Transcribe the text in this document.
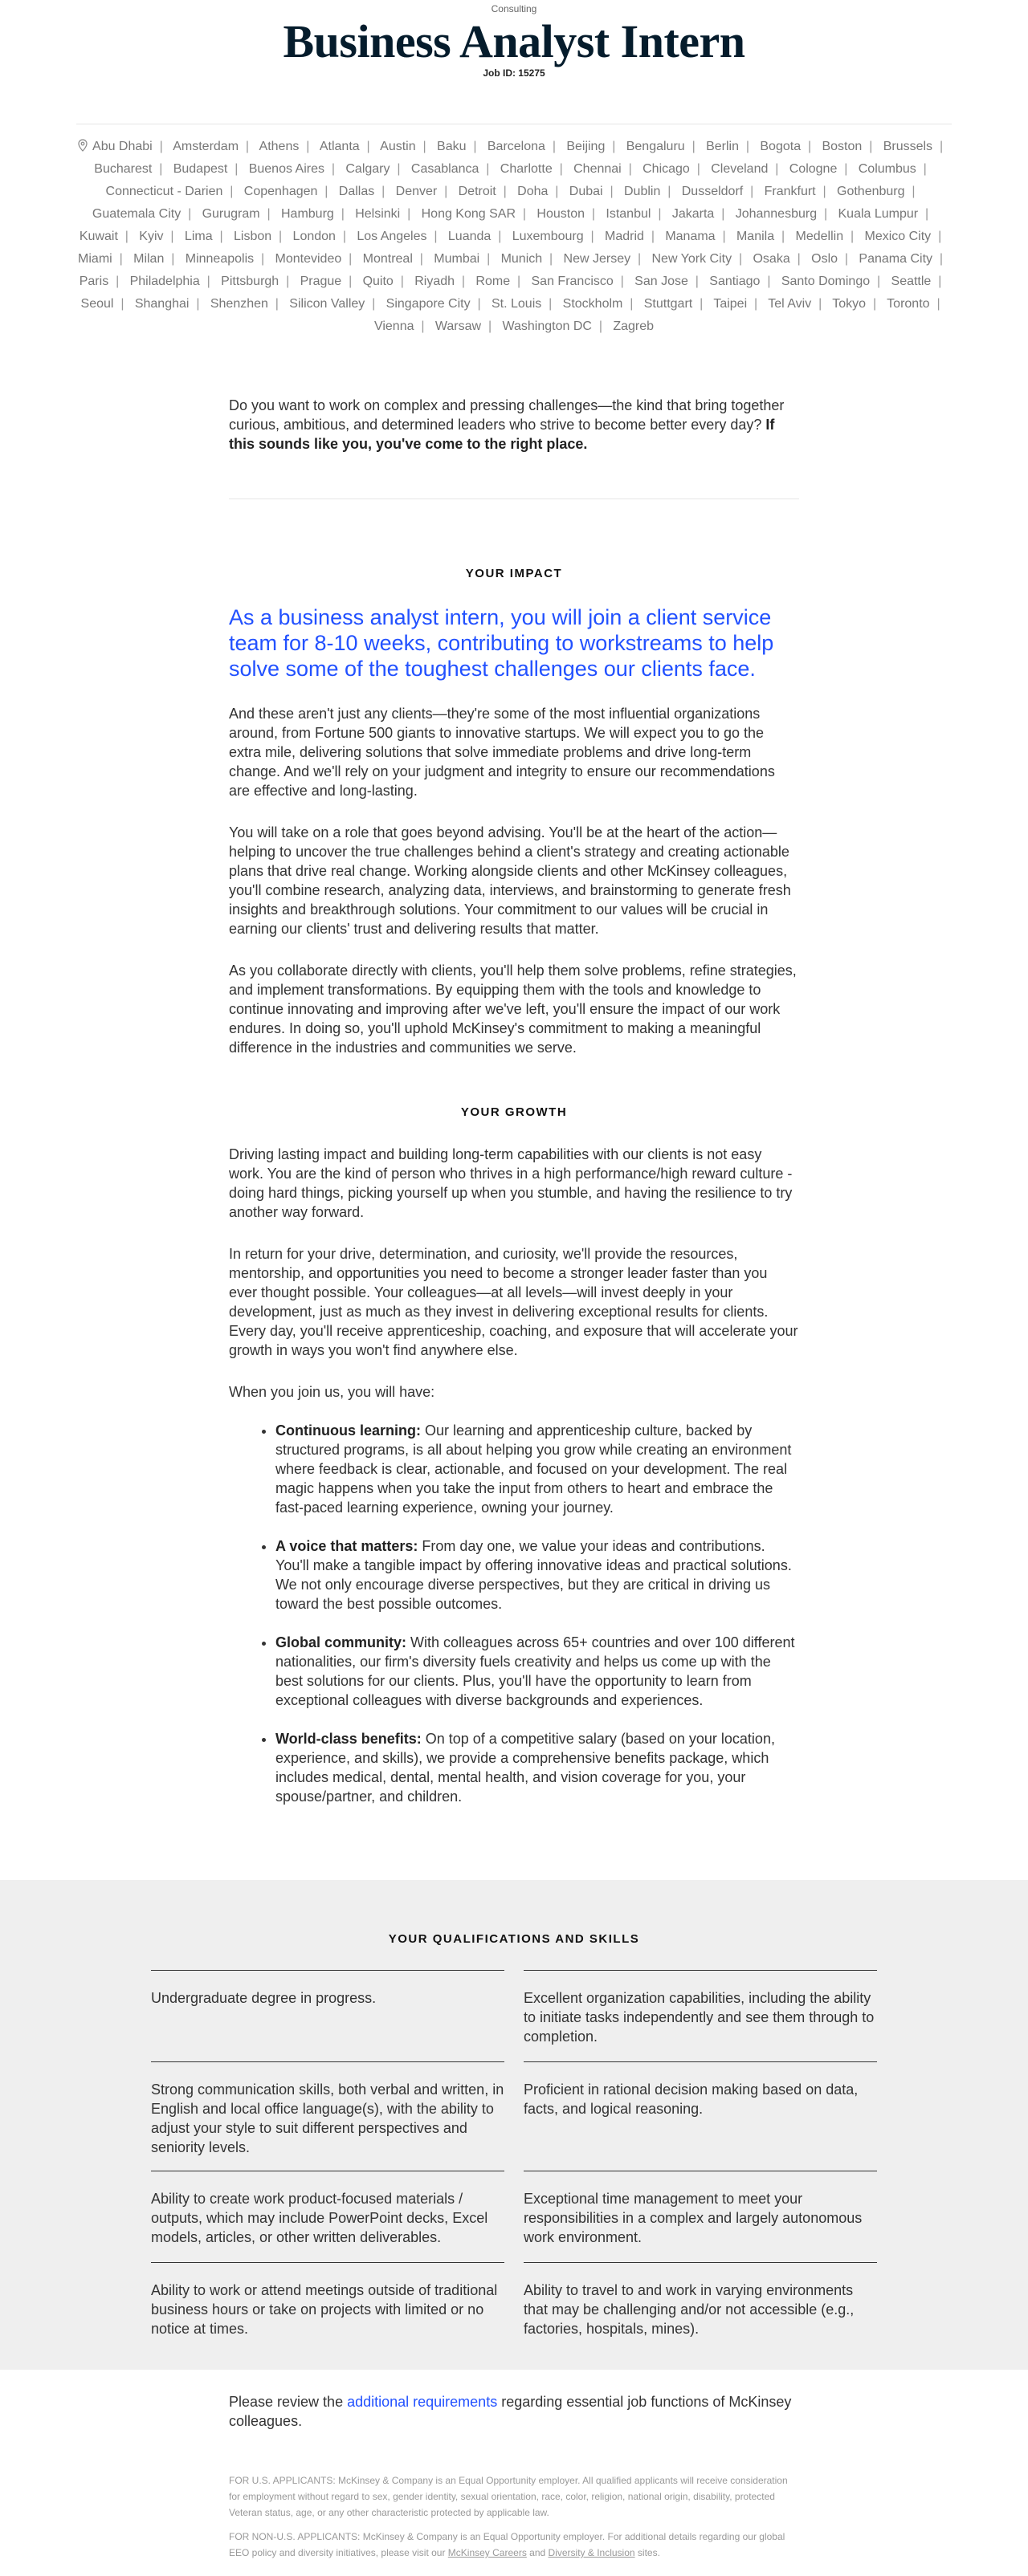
Consulting
Business Analyst Intern
Job ID: 15275
Abu Dhabi | Amsterdam | Athens | Atlanta | Austin | Baku | Barcelona | Beijing | Bengaluru | Berlin | Bogota | Boston | Brussels |  Bucharest | Budapest | Buenos Aires | Calgary | Casablanca | Charlotte | Chennai | Chicago | Cleveland | Cologne | Columbus |  Connecticut - Darien | Copenhagen | Dallas | Denver | Detroit | Doha | Dubai | Dublin | Dusseldorf | Frankfurt | Gothenburg |  Guatemala City | Gurugram | Hamburg | Helsinki | Hong Kong SAR | Houston | Istanbul | Jakarta | Johannesburg | Kuala Lumpur |  Kuwait | Kyiv | Lima | Lisbon | London | Los Angeles | Luanda | Luxembourg | Madrid | Manama | Manila | Medellin | Mexico City |  Miami | Milan | Minneapolis | Montevideo | Montreal | Mumbai | Munich | New Jersey | New York City | Osaka | Oslo | Panama City |  Paris | Philadelphia | Pittsburgh | Prague | Quito | Riyadh | Rome | San Francisco | San Jose | Santiago | Santo Domingo | Seattle |  Seoul | Shanghai | Shenzhen | Silicon Valley | Singapore City | St. Louis | Stockholm | Stuttgart | Taipei | Tel Aviv | Tokyo | Toronto |  Vienna | Warsaw | Washington DC | Zagreb

Do you want to work on complex and pressing challenges—the kind that bring together curious, ambitious, and determined leaders who strive to become better every day? If this sounds like you, you've come to the right place.

YOUR IMPACT

As a business analyst intern, you will join a client service team for 8-10 weeks, contributing to workstreams to help solve some of the toughest challenges our clients face.

And these aren't just any clients—they're some of the most influential organizations around, from Fortune 500 giants to innovative startups. We will expect you to go the extra mile, delivering solutions that solve immediate problems and drive long-term change. And we'll rely on your judgment and integrity to ensure our recommendations are effective and long-lasting.

You will take on a role that goes beyond advising. You'll be at the heart of the action—helping to uncover the true challenges behind a client's strategy and creating actionable plans that drive real change. Working alongside clients and other McKinsey colleagues, you'll combine research, analyzing data, interviews, and brainstorming to generate fresh insights and breakthrough solutions. Your commitment to our values will be crucial in earning our clients' trust and delivering results that matter.

As you collaborate directly with clients, you'll help them solve problems, refine strategies, and implement transformations. By equipping them with the tools and knowledge to continue innovating and improving after we've left, you'll ensure the impact of our work endures. In doing so, you'll uphold McKinsey's commitment to making a meaningful difference in the industries and communities we serve.

YOUR GROWTH

Driving lasting impact and building long-term capabilities with our clients is not easy work. You are the kind of person who thrives in a high performance/high reward culture - doing hard things, picking yourself up when you stumble, and having the resilience to try another way forward.

In return for your drive, determination, and curiosity, we'll provide the resources, mentorship, and opportunities you need to become a stronger leader faster than you ever thought possible. Your colleagues—at all levels—will invest deeply in your development, just as much as they invest in delivering exceptional results for clients. Every day, you'll receive apprenticeship, coaching, and exposure that will accelerate your growth in ways you won't find anywhere else.

When you join us, you will have:

• Continuous learning: Our learning and apprenticeship culture, backed by structured programs, is all about helping you grow while creating an environment where feedback is clear, actionable, and focused on your development. The real magic happens when you take the input from others to heart and embrace the fast-paced learning experience, owning your journey.
• A voice that matters: From day one, we value your ideas and contributions. You'll make a tangible impact by offering innovative ideas and practical solutions. We not only encourage diverse perspectives, but they are critical in driving us toward the best possible outcomes.
• Global community: With colleagues across 65+ countries and over 100 different nationalities, our firm's diversity fuels creativity and helps us come up with the best solutions for our clients. Plus, you'll have the opportunity to learn from exceptional colleagues with diverse backgrounds and experiences.
• World-class benefits: On top of a competitive salary (based on your location, experience, and skills), we provide a comprehensive benefits package, which includes medical, dental, mental health, and vision coverage for you, your spouse/partner, and children.
YOUR QUALIFICATIONS AND SKILLS
Undergraduate degree in progress.	Excellent organization capabilities, including the ability to initiate tasks independently and see them through to completion.
Strong communication skills, both verbal and written, in English and local office language(s), with the ability to adjust your style to suit different perspectives and seniority levels.
Proficient in rational decision making based on data, facts, and logical reasoning.
Ability to create work product-focused materials / outputs, which may include PowerPoint decks, Excel models, articles, or other written deliverables.
Exceptional time management to meet your responsibilities in a complex and largely autonomous work environment.
Ability to work or attend meetings outside of traditional business hours or take on projects with limited or no notice at times.
Ability to travel to and work in varying environments that may be challenging and/or not accessible (e.g., factories, hospitals, mines).

Please review the additional requirements regarding essential job functions of McKinsey colleagues.

FOR U.S. APPLICANTS: McKinsey & Company is an Equal Opportunity employer. All qualified applicants will receive consideration for employment without regard to sex, gender identity, sexual orientation, race, color, religion, national origin, disability, protected Veteran status, age, or any other characteristic protected by applicable law.

FOR NON-U.S. APPLICANTS: McKinsey & Company is an Equal Opportunity employer. For additional details regarding our global EEO policy and diversity initiatives, please visit our McKinsey Careers and Diversity & Inclusion sites.
